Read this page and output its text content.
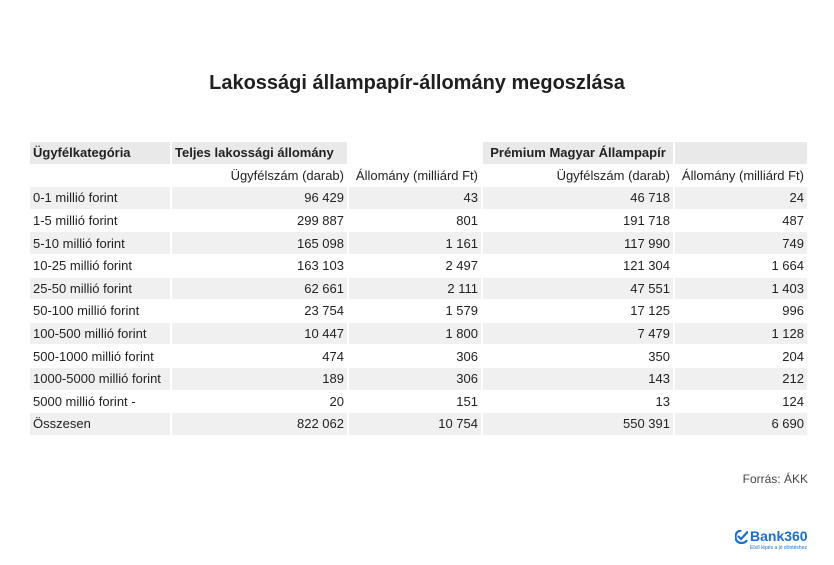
Lakossági állampapír-állomány megoszlása
Ügyfélkategória	Teljes lakossági állomány		Prémium Magyar Állampapír	
	Ügyfélszám (darab)	Állomány (milliárd Ft)	Ügyfélszám (darab)	Állomány (milliárd Ft)
0-1 millió forint	96 429	43	46 718	24
1-5 millió forint	299 887	801	191 718	487
5-10 millió forint	165 098	1 161	117 990	749
10-25 millió forint	163 103	2 497	121 304	1 664
25-50 millió forint	62 661	2 111	47 551	1 403
50-100 millió forint	23 754	1 579	17 125	996
100-500 millió forint	10 447	1 800	7 479	1 128
500-1000 millió forint	474	306	350	204
1000-5000 millió forint	189	306	143	212
5000 millió forint -	20	151	13	124
Összesen	822 062	10 754	550 391	6 690
Forrás: ÁKK
Bank360
Első lépés a jó döntéshez
